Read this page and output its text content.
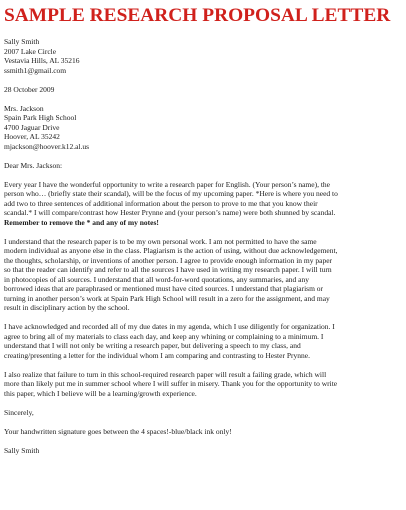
SAMPLE RESEARCH PROPOSAL LETTER
Sally Smith
2007 Lake Circle
Vestavia Hills, AL 35216
ssmith1@gmail.com
28 October 2009
Mrs. Jackson
Spain Park High School
4700 Jaguar Drive
Hoover, AL 35242
mjackson@hoover.k12.al.us
Dear Mrs. Jackson:
Every year I have the wonderful opportunity to write a research paper for English. (Your person’s name), the
person who… (briefly state their scandal), will be the focus of my upcoming paper. *Here is where you need to
add two to three sentences of additional information about the person to prove to me that you know their
scandal.* I will compare/contrast how Hester Prynne and (your person’s name) were both shunned by scandal.
Remember to remove the * and any of my notes!
I understand that the research paper is to be my own personal work. I am not permitted to have the same
modern individual as anyone else in the class. Plagiarism is the action of using, without due acknowledgement,
the thoughts, scholarship, or inventions of another person. I agree to provide enough information in my paper
so that the reader can identify and refer to all the sources I have used in writing my research paper. I will turn
in photocopies of all sources. I understand that all word-for-word quotations, any summaries, and any
borrowed ideas that are paraphrased or mentioned must have cited sources. I understand that plagiarism or
turning in another person’s work at Spain Park High School will result in a zero for the assignment, and may
result in disciplinary action by the school.
I have acknowledged and recorded all of my due dates in my agenda, which I use diligently for organization. I
agree to bring all of my materials to class each day, and keep any whining or complaining to a minimum. I
understand that I will not only be writing a research paper, but delivering a speech to my class, and
creating/presenting a letter for the individual whom I am comparing and contrasting to Hester Prynne.
I also realize that failure to turn in this school-required research paper will result a failing grade, which will
more than likely put me in summer school where I will suffer in misery. Thank you for the opportunity to write
this paper, which I believe will be a learning/growth experience.
Sincerely,
Your handwritten signature goes between the 4 spaces!-blue/black ink only!
Sally Smith
